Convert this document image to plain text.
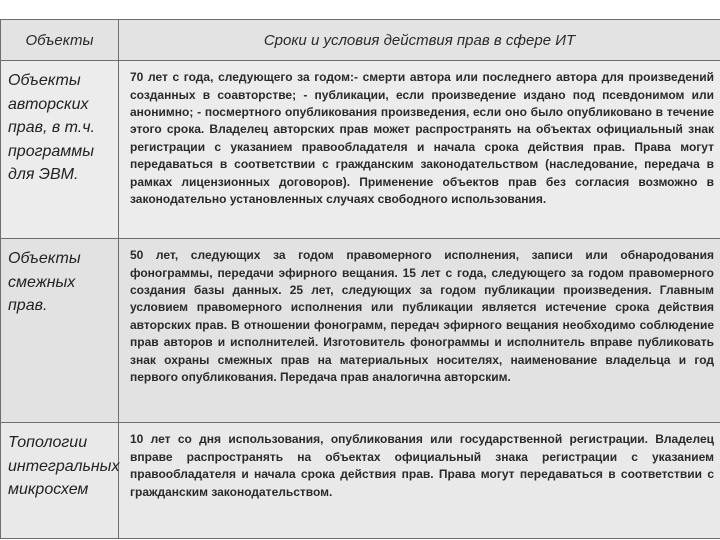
Объекты	Сроки и условия действия прав в сфере ИТ

Объекты авторских прав, в т.ч. программы для ЭВМ.	70 лет с года, следующего за годом:- смерти автора или последнего автора для произведений созданных в соавторстве; - публикации, если произведение издано под псевдонимом или анонимно; - посмертного опубликования произведения, если оно было опубликовано в течение этого срока. Владелец авторских прав может распространять на объектах официальный знак регистрации с указанием правообладателя и начала срока действия прав. Права могут передаваться в соответствии с гражданским законодательством (наследование, передача в рамках лицензионных договоров). Применение объектов прав без согласия возможно в законодательно установленных случаях свободного использования.

Объекты смежных прав.	50 лет, следующих за годом правомерного исполнения, записи или обнародования фонограммы, передачи эфирного вещания. 15 лет с года, следующего за годом правомерного создания базы данных. 25 лет, следующих за годом публикации произведения. Главным условием правомерного исполнения или публикации является истечение срока действия авторских прав. В отношении фонограмм, передач эфирного вещания необходимо соблюдение прав авторов и исполнителей. Изготовитель фонограммы и исполнитель вправе публиковать знак охраны смежных прав на материальных носителях, наименование владельца и год первого опубликования. Передача прав аналогична авторским.

Топологии интегральных микросхем	10 лет со дня использования, опубликования или государственной регистрации. Владелец вправе распространять на объектах официальный знака регистрации с указанием правообладателя и начала срока действия прав. Права могут передаваться в соответствии с гражданским законодательством.
